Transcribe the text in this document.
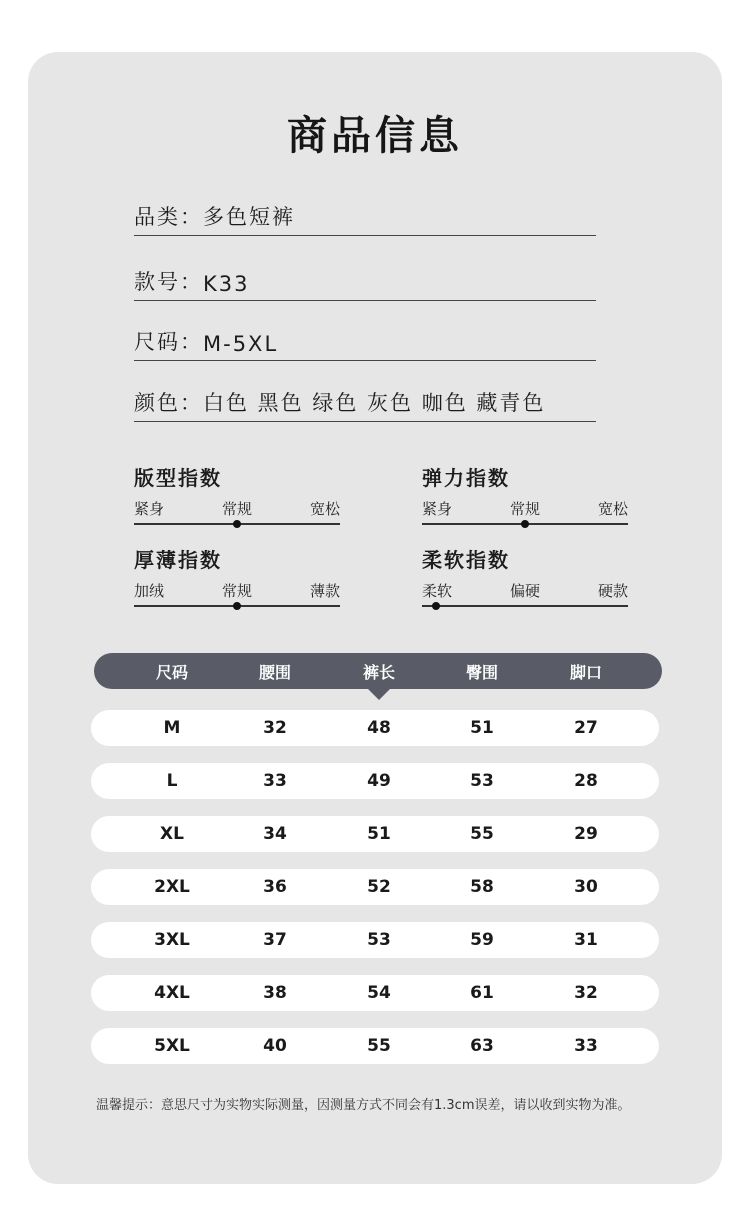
商品信息
品类： 多色短裤
款号： K33
尺码： M-5XL
颜色： 白色 黑色 绿色 灰色 咖色 藏青色
版型指数
紧身	常规	宽松
弹力指数
紧身	常规	宽松
厚薄指数
加绒	常规	薄款
柔软指数
柔软	偏硬	硬款
尺码	腰围	裤长	臀围	脚口
M	32	48	51	27
L	33	49	53	28
XL	34	51	55	29
2XL	36	52	58	30
3XL	37	53	59	31
4XL	38	54	61	32
5XL	40	55	63	33
温馨提示：意思尺寸为实物实际测量，因测量方式不同会有1.3cm误差，请以收到实物为准。
